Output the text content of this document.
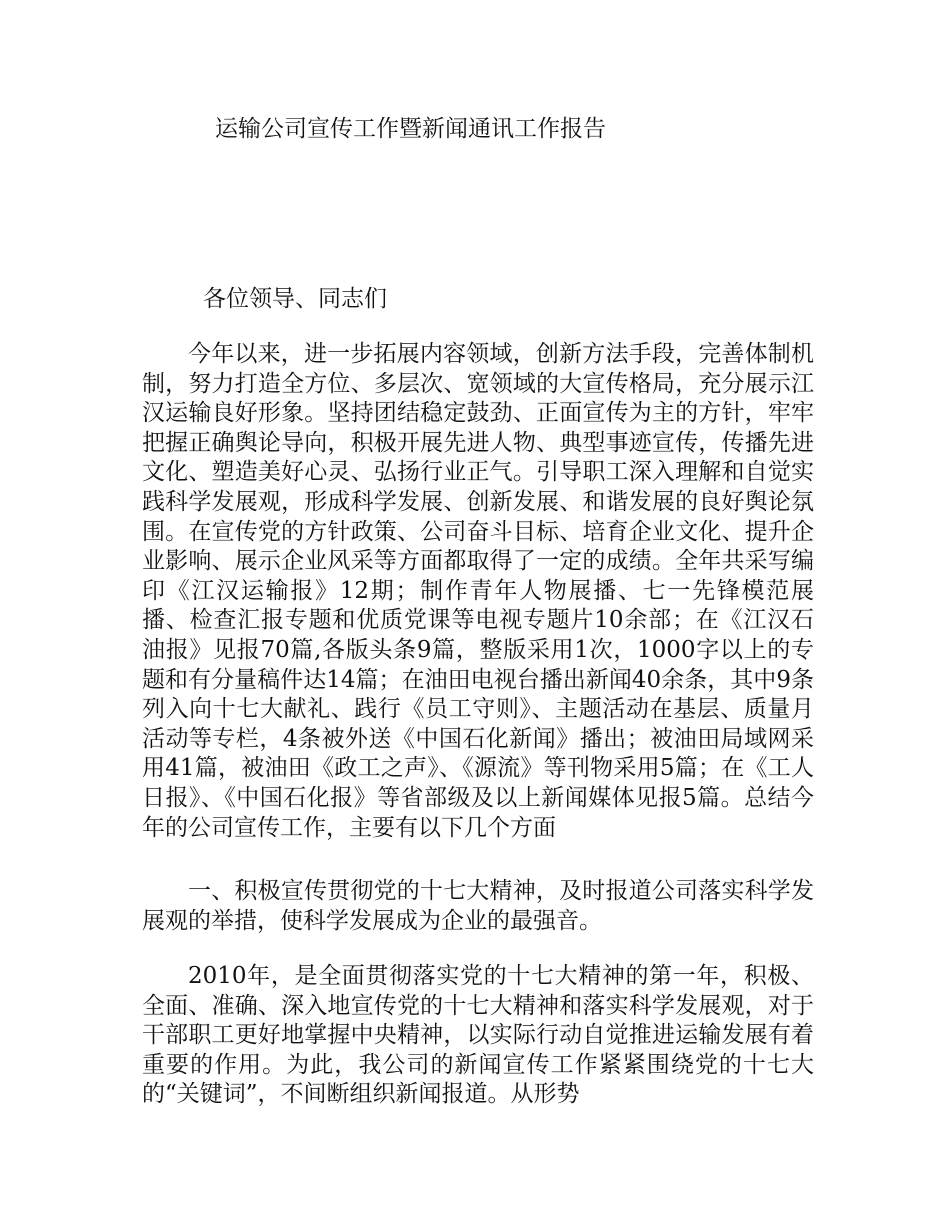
运输公司宣传工作暨新闻通讯工作报告
各位领导、同志们

今年以来，进一步拓展内容领域，创新方法手段，完善体制机制，努力打造全方位、多层次、宽领域的大宣传格局，充分展示江汉运输良好形象。坚持团结稳定鼓劲、正面宣传为主的方针，牢牢把握正确舆论导向，积极开展先进人物、典型事迹宣传，传播先进文化、塑造美好心灵、弘扬行业正气。引导职工深入理解和自觉实践科学发展观，形成科学发展、创新发展、和谐发展的良好舆论氛围。在宣传党的方针政策、公司奋斗目标、培育企业文化、提升企业影响、展示企业风采等方面都取得了一定的成绩。全年共采写编印《江汉运输报》12期；制作青年人物展播、七一先锋模范展播、检查汇报专题和优质党课等电视专题片10余部；在《江汉石油报》见报70篇,各版头条9篇，整版采用1次，1000字以上的专题和有分量稿件达14篇；在油田电视台播出新闻40余条，其中9条列入向十七大献礼、践行《员工守则》、主题活动在基层、质量月活动等专栏，4条被外送《中国石化新闻》播出；被油田局域网采用41篇，被油田《政工之声》、《源流》等刊物采用5篇；在《工人日报》、《中国石化报》等省部级及以上新闻媒体见报5篇。总结今年的公司宣传工作，主要有以下几个方面

一、积极宣传贯彻党的十七大精神，及时报道公司落实科学发展观的举措，使科学发展成为企业的最强音。

2010年，是全面贯彻落实党的十七大精神的第一年，积极、全面、准确、深入地宣传党的十七大精神和落实科学发展观，对于干部职工更好地掌握中央精神，以实际行动自觉推进运输发展有着重要的作用。为此，我公司的新闻宣传工作紧紧围绕党的十七大的“关键词”，不间断组织新闻报道。从形势
